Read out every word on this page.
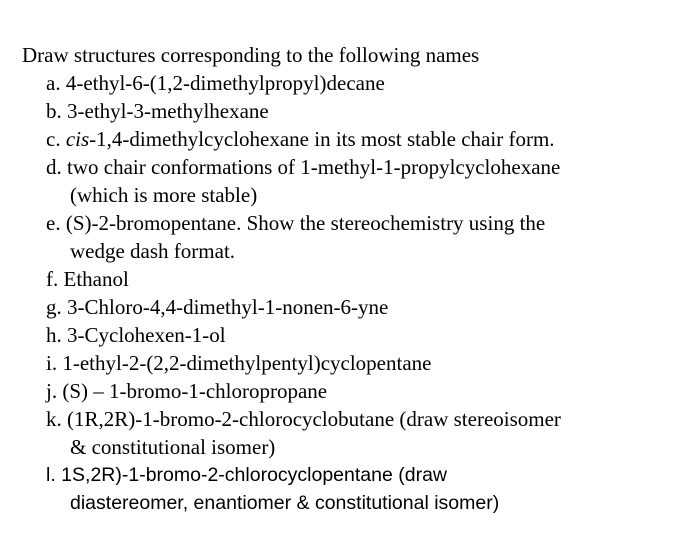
Draw structures corresponding to the following names

a. 4-ethyl-6-(1,2-dimethylpropyl)decane
b. 3-ethyl-3-methylhexane
c. cis-1,4-dimethylcyclohexane in its most stable chair form.
d. two chair conformations of 1-methyl-1-propylcyclohexane
(which is more stable)
e. (S)-2-bromopentane. Show the stereochemistry using the
wedge dash format.
f. Ethanol
g. 3-Chloro-4,4-dimethyl-1-nonen-6-yne
h. 3-Cyclohexen-1-ol
i. 1-ethyl-2-(2,2-dimethylpentyl)cyclopentane
j. (S) – 1-bromo-1-chloropropane
k. (1R,2R)-1-bromo-2-chlorocyclobutane (draw stereoisomer
& constitutional isomer)
l. 1S,2R)-1-bromo-2-chlorocyclopentane (draw
diastereomer, enantiomer & constitutional isomer)
